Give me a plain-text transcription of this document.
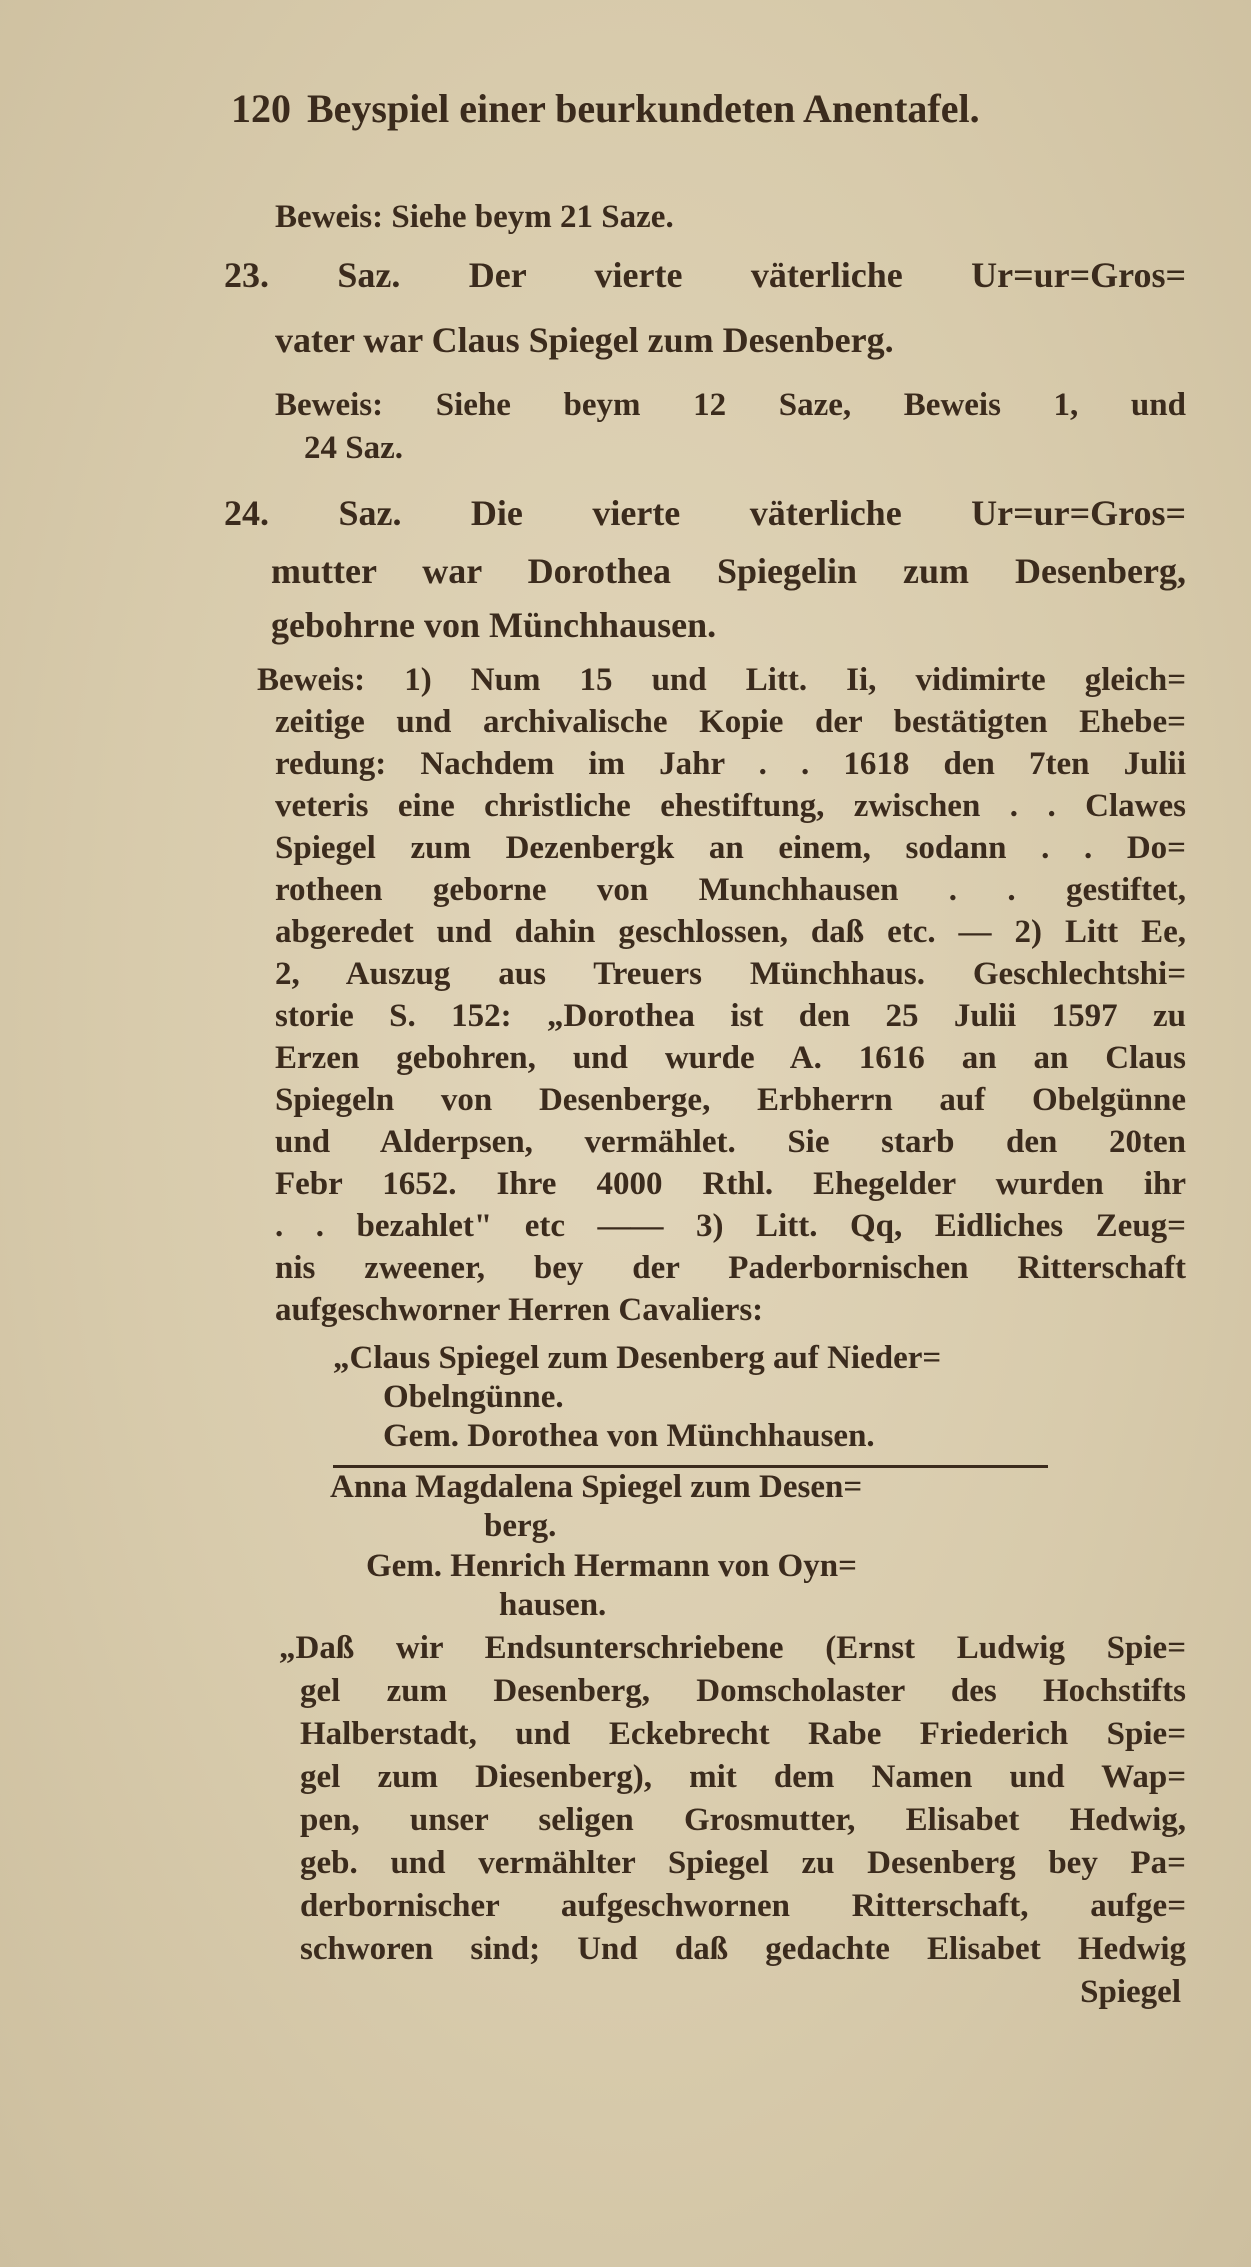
120 Beyspiel einer beurkundeten Anentafel.
Beweis: Siehe beym 21 Saze.
23. Saz. Der vierte väterliche Ur=ur=Gros=
vater war Claus Spiegel zum Desenberg.
Beweis: Siehe beym 12 Saze, Beweis 1, und
24 Saz.
24. Saz. Die vierte väterliche Ur=ur=Gros=
mutter war Dorothea Spiegelin zum Desenberg,
gebohrne von Münchhausen.
Beweis: 1) Num 15 und Litt. Ii, vidimirte gleich=
zeitige und archivalische Kopie der bestätigten Ehebe=
redung: Nachdem im Jahr . . 1618 den 7ten Julii
veteris eine christliche ehestiftung, zwischen . . Clawes
Spiegel zum Dezenbergk an einem, sodann . . Do=
rotheen geborne von Munchhausen . . gestiftet,
abgeredet und dahin geschlossen, daß etc. — 2) Litt Ee,
2, Auszug aus Treuers Münchhaus. Geschlechtshi=
storie S. 152: „Dorothea ist den 25 Julii 1597 zu
Erzen gebohren, und wurde A. 1616 an an Claus
Spiegeln von Desenberge, Erbherrn auf Obelgünne
und Alderpsen, vermählet. Sie starb den 20ten
Febr 1652. Ihre 4000 Rthl. Ehegelder wurden ihr
. . bezahlet" etc —— 3) Litt. Qq, Eidliches Zeug=
nis zweener, bey der Paderbornischen Ritterschaft
aufgeschworner Herren Cavaliers:
„Claus Spiegel zum Desenberg auf Nieder=
Obelngünne.
Gem. Dorothea von Münchhausen.
Anna Magdalena Spiegel zum Desen=
berg.
Gem. Henrich Hermann von Oyn=
hausen.
„Daß wir Endsunterschriebene (Ernst Ludwig Spie=
gel zum Desenberg, Domscholaster des Hochstifts
Halberstadt, und Eckebrecht Rabe Friederich Spie=
gel zum Diesenberg), mit dem Namen und Wap=
pen, unser seligen Grosmutter, Elisabet Hedwig,
geb. und vermählter Spiegel zu Desenberg bey Pa=
derbornischer aufgeschwornen Ritterschaft, aufge=
schworen sind; Und daß gedachte Elisabet Hedwig
Spiegel
